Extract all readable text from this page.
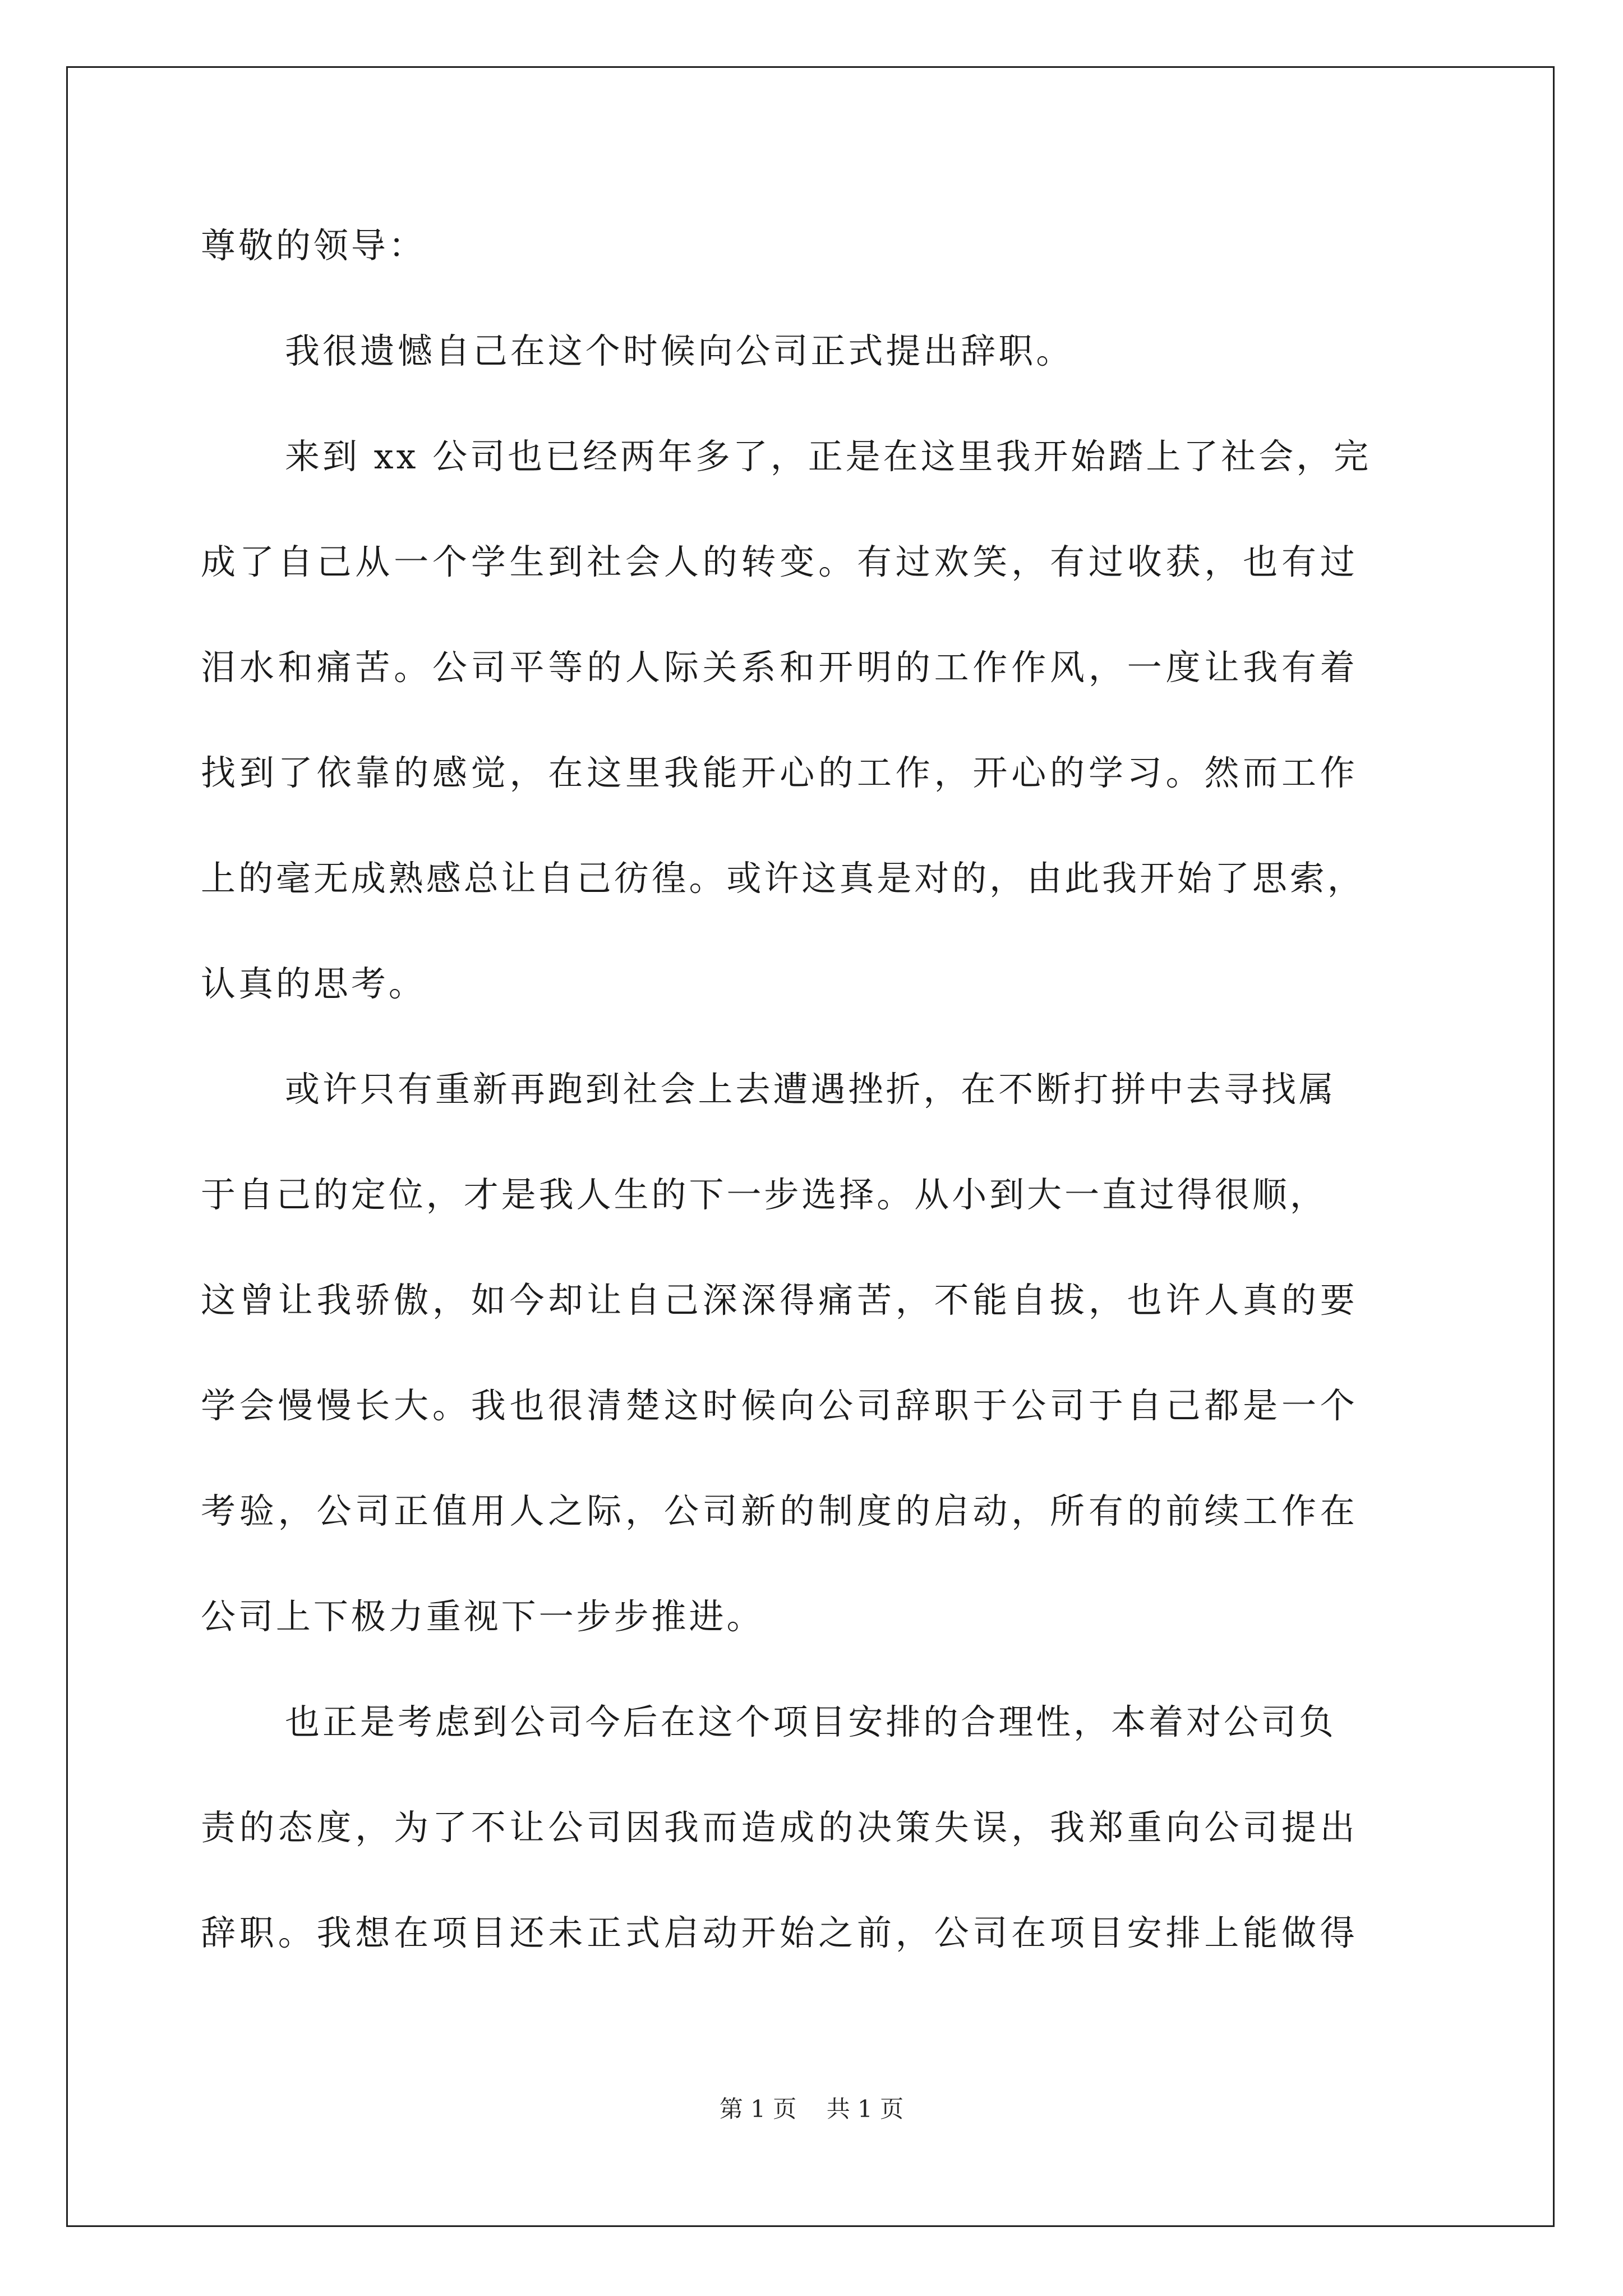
尊敬的领导：
我很遗憾自己在这个时候向公司正式提出辞职。
来到 xx 公司也已经两年多了，正是在这里我开始踏上了社会，完
成了自己从一个学生到社会人的转变。有过欢笑，有过收获，也有过
泪水和痛苦。公司平等的人际关系和开明的工作作风，一度让我有着
找到了依靠的感觉，在这里我能开心的工作，开心的学习。然而工作
上的毫无成熟感总让自己彷徨。或许这真是对的，由此我开始了思索，
认真的思考。
或许只有重新再跑到社会上去遭遇挫折，在不断打拼中去寻找属
于自己的定位，才是我人生的下一步选择。从小到大一直过得很顺，
这曾让我骄傲，如今却让自己深深得痛苦，不能自拔，也许人真的要
学会慢慢长大。我也很清楚这时候向公司辞职于公司于自己都是一个
考验，公司正值用人之际，公司新的制度的启动，所有的前续工作在
公司上下极力重视下一步步推进。
也正是考虑到公司今后在这个项目安排的合理性，本着对公司负
责的态度，为了不让公司因我而造成的决策失误，我郑重向公司提出
辞职。我想在项目还未正式启动开始之前，公司在项目安排上能做得
第 1 页    共 1 页
